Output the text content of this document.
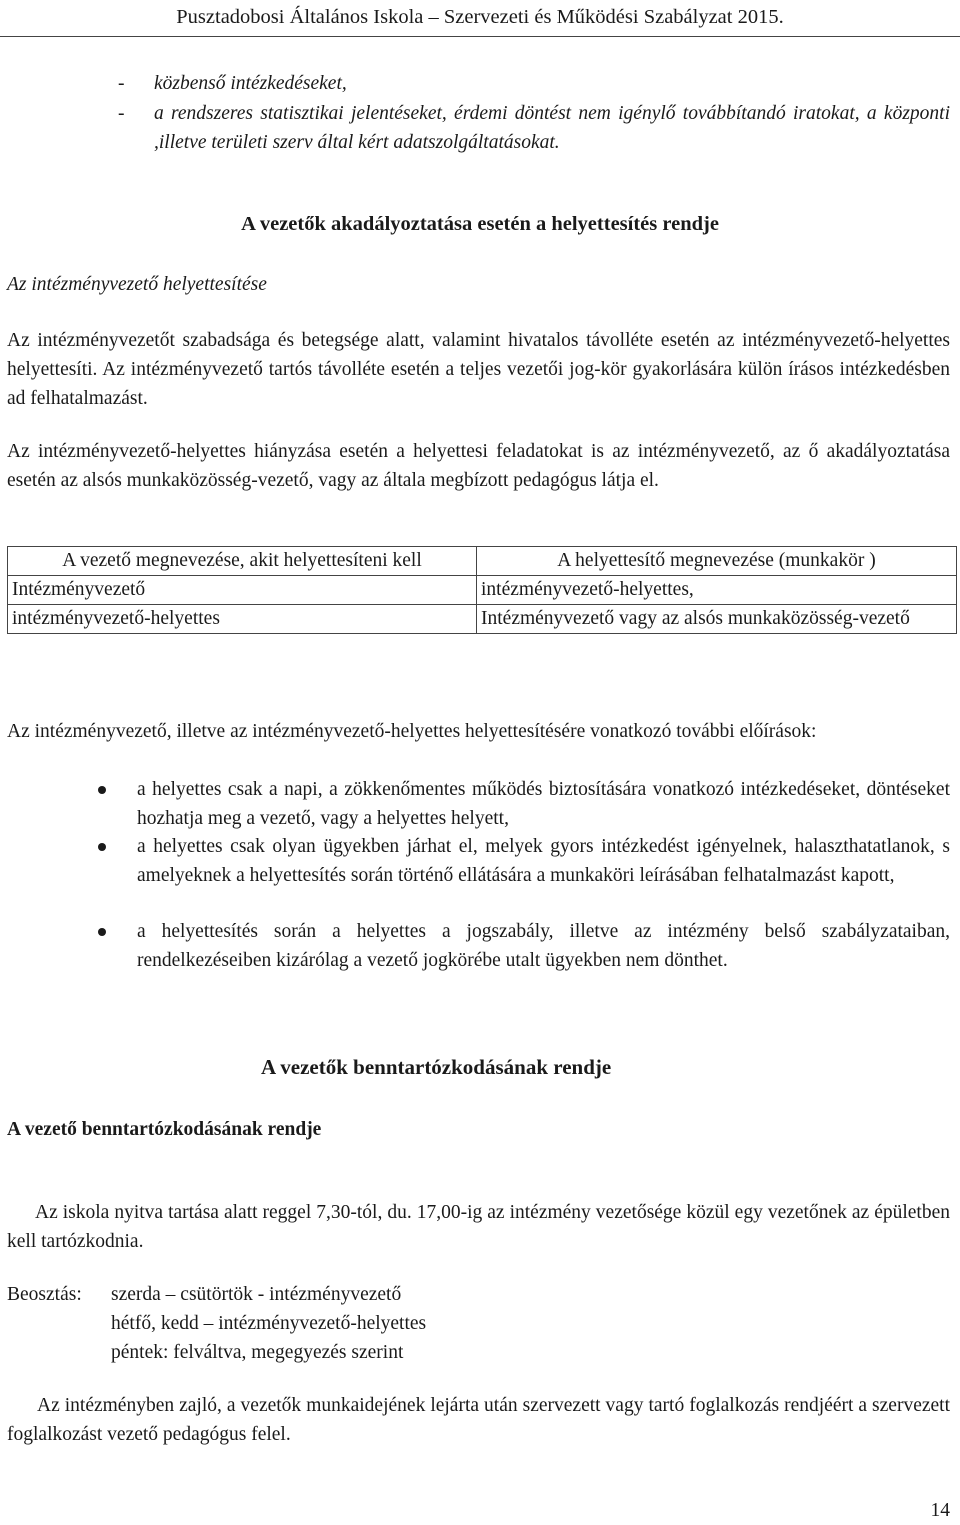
Pusztadobosi Általános Iskola – Szervezeti és Működési Szabályzat 2015.
- közbenső intézkedéseket,
- a rendszeres statisztikai jelentéseket, érdemi döntést nem igénylő továbbítandó iratokat, a központi ,illetve területi szerv által kért adatszolgáltatásokat.
A vezetők akadályoztatása esetén a helyettesítés rendje
Az intézményvezető helyettesítése
Az intézményvezetőt szabadsága és betegsége alatt, valamint hivatalos távolléte esetén az intézményvezető-helyettes helyettesíti. Az intézményvezető tartós távolléte esetén a teljes vezetői jog-kör gyakorlására külön írásos intézkedésben ad felhatalmazást.
Az intézményvezető-helyettes hiányzása esetén a helyettesi feladatokat is az intézményvezető, az ő akadályoztatása esetén az alsós munkaközösség-vezető, vagy az általa megbízott pedagógus látja el.
A vezető megnevezése, akit helyettesíteni kell	A helyettesítő megnevezése (munkakör )
Intézményvezető	intézményvezető-helyettes,
intézményvezető-helyettes	Intézményvezető vagy az alsós munkaközösség-vezető
Az intézményvezető, illetve az intézményvezető-helyettes helyettesítésére vonatkozó további előírások:
a helyettes csak a napi, a zökkenőmentes működés biztosítására vonatkozó intézkedéseket, döntéseket hozhatja meg a vezető, vagy a helyettes helyett,
a helyettes csak olyan ügyekben járhat el, melyek gyors intézkedést igényelnek, halaszthatatlanok, s amelyeknek a helyettesítés során történő ellátására a munkaköri leírásában felhatalmazást kapott,
a helyettesítés során a helyettes a jogszabály, illetve az intézmény belső szabályzataiban, rendelkezéseiben kizárólag a vezető jogkörébe utalt ügyekben nem dönthet.
A vezetők benntartózkodásának rendje
A vezető benntartózkodásának rendje
Az iskola nyitva tartása alatt reggel 7,30-tól, du. 17,00-ig az intézmény vezetősége közül egy vezetőnek az épületben kell tartózkodnia.
Beosztás:	szerda – csütörtök - intézményvezető
	hétfő, kedd – intézményvezető-helyettes
	péntek: felváltva, megegyezés szerint
Az intézményben zajló, a vezetők munkaidejének lejárta után szervezett vagy tartó foglalkozás rendjéért a szervezett foglalkozást vezető pedagógus felel.
14
